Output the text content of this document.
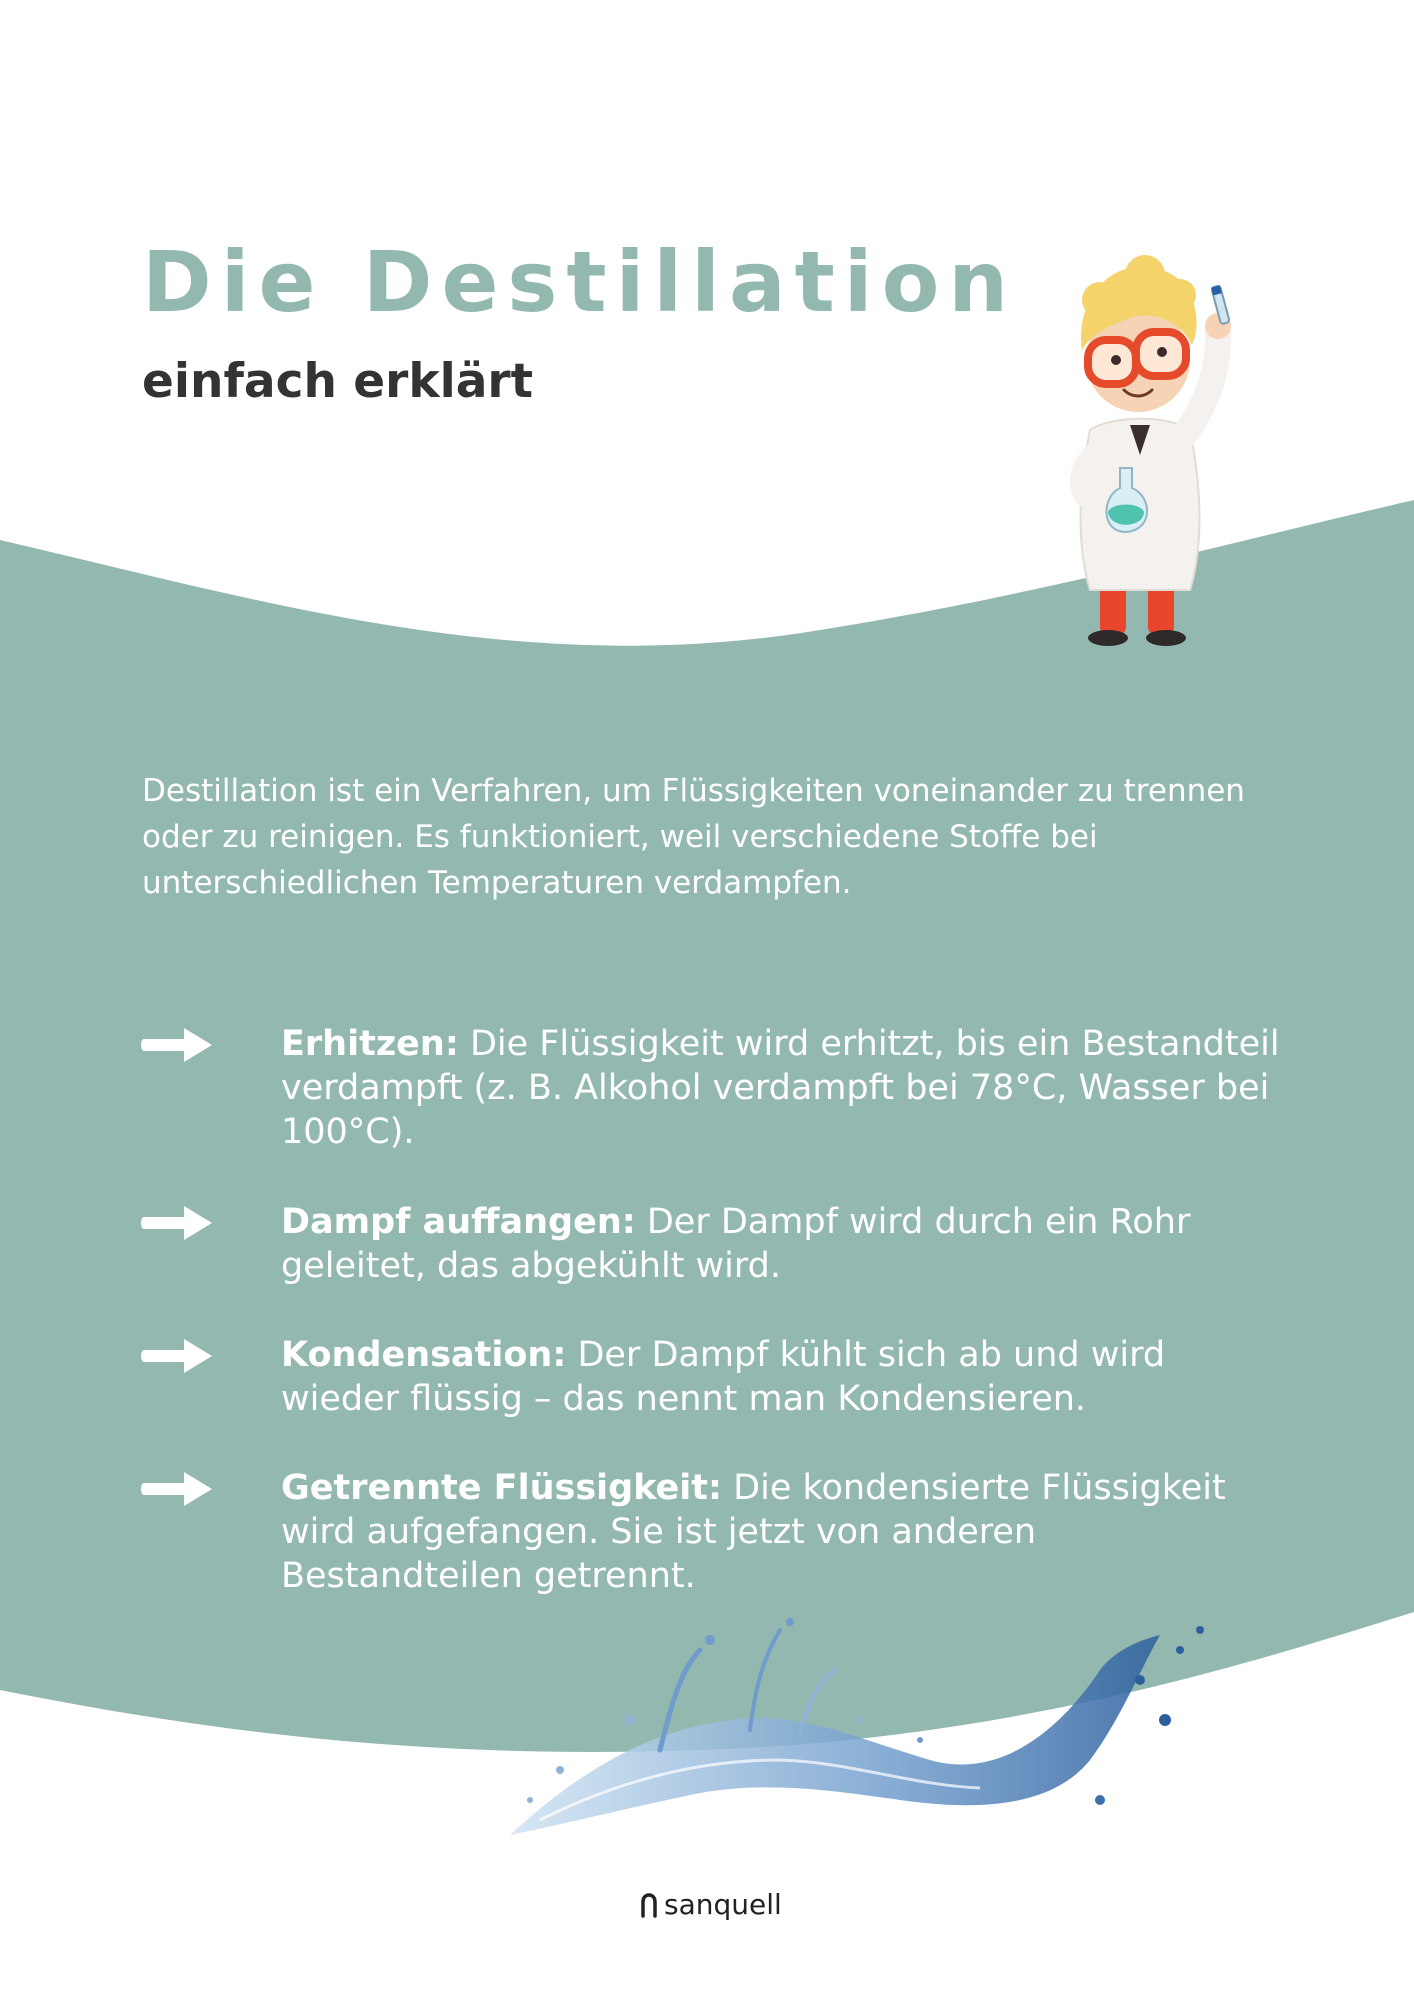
Die Destillation
einfach erklärt

Destillation ist ein Verfahren, um Flüssigkeiten voneinander zu trennen oder zu reinigen. Es funktioniert, weil verschiedene Stoffe bei unterschiedlichen Temperaturen verdampfen.

Erhitzen: Die Flüssigkeit wird erhitzt, bis ein Bestandteil verdampft (z. B. Alkohol verdampft bei 78°C, Wasser bei 100°C).

Dampf auffangen: Der Dampf wird durch ein Rohr geleitet, das abgekühlt wird.

Kondensation: Der Dampf kühlt sich ab und wird wieder flüssig – das nennt man Kondensieren.

Getrennte Flüssigkeit: Die kondensierte Flüssigkeit wird aufgefangen. Sie ist jetzt von anderen Bestandteilen getrennt.

sanquell
